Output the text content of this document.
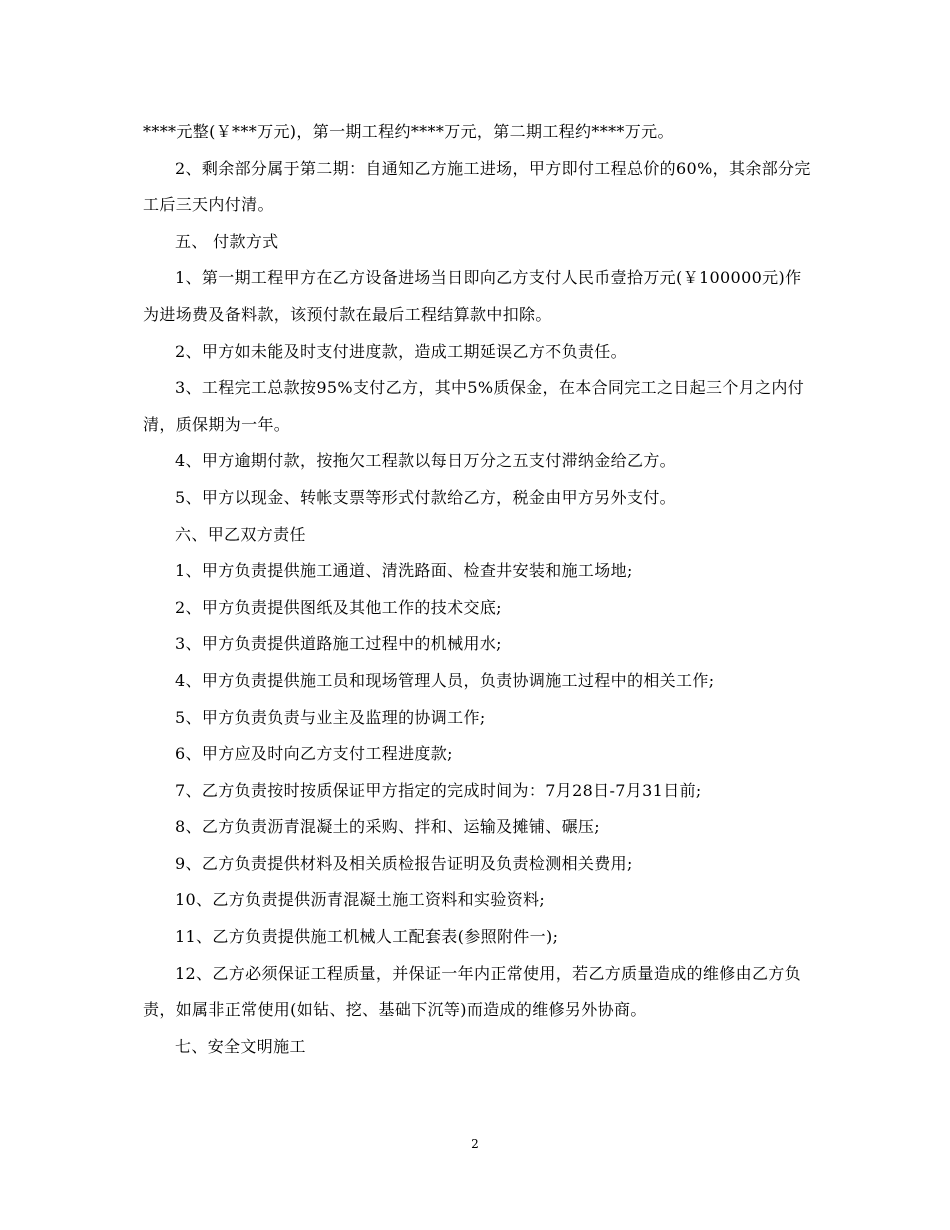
****元整(￥***万元)，第一期工程约****万元，第二期工程约****万元。

2、剩余部分属于第二期：自通知乙方施工进场，甲方即付工程总价的60%，其余部分完工后三天内付清。

五、 付款方式

1、第一期工程甲方在乙方设备进场当日即向乙方支付人民币壹拾万元(￥100000元)作为进场费及备料款，该预付款在最后工程结算款中扣除。

2、甲方如未能及时支付进度款，造成工期延误乙方不负责任。

3、工程完工总款按95%支付乙方，其中5%质保金，在本合同完工之日起三个月之内付清，质保期为一年。

4、甲方逾期付款，按拖欠工程款以每日万分之五支付滞纳金给乙方。

5、甲方以现金、转帐支票等形式付款给乙方，税金由甲方另外支付。

六、甲乙双方责任

1、甲方负责提供施工通道、清洗路面、检查井安装和施工场地;

2、甲方负责提供图纸及其他工作的技术交底;

3、甲方负责提供道路施工过程中的机械用水;

4、甲方负责提供施工员和现场管理人员，负责协调施工过程中的相关工作;

5、甲方负责负责与业主及监理的协调工作;

6、甲方应及时向乙方支付工程进度款;

7、乙方负责按时按质保证甲方指定的完成时间为：7月28日-7月31日前;

8、乙方负责沥青混凝土的采购、拌和、运输及摊铺、碾压;

9、乙方负责提供材料及相关质检报告证明及负责检测相关费用;

10、乙方负责提供沥青混凝土施工资料和实验资料;

11、乙方负责提供施工机械人工配套表(参照附件一);

12、乙方必须保证工程质量，并保证一年内正常使用，若乙方质量造成的维修由乙方负责，如属非正常使用(如钻、挖、基础下沉等)而造成的维修另外协商。

七、安全文明施工

2
